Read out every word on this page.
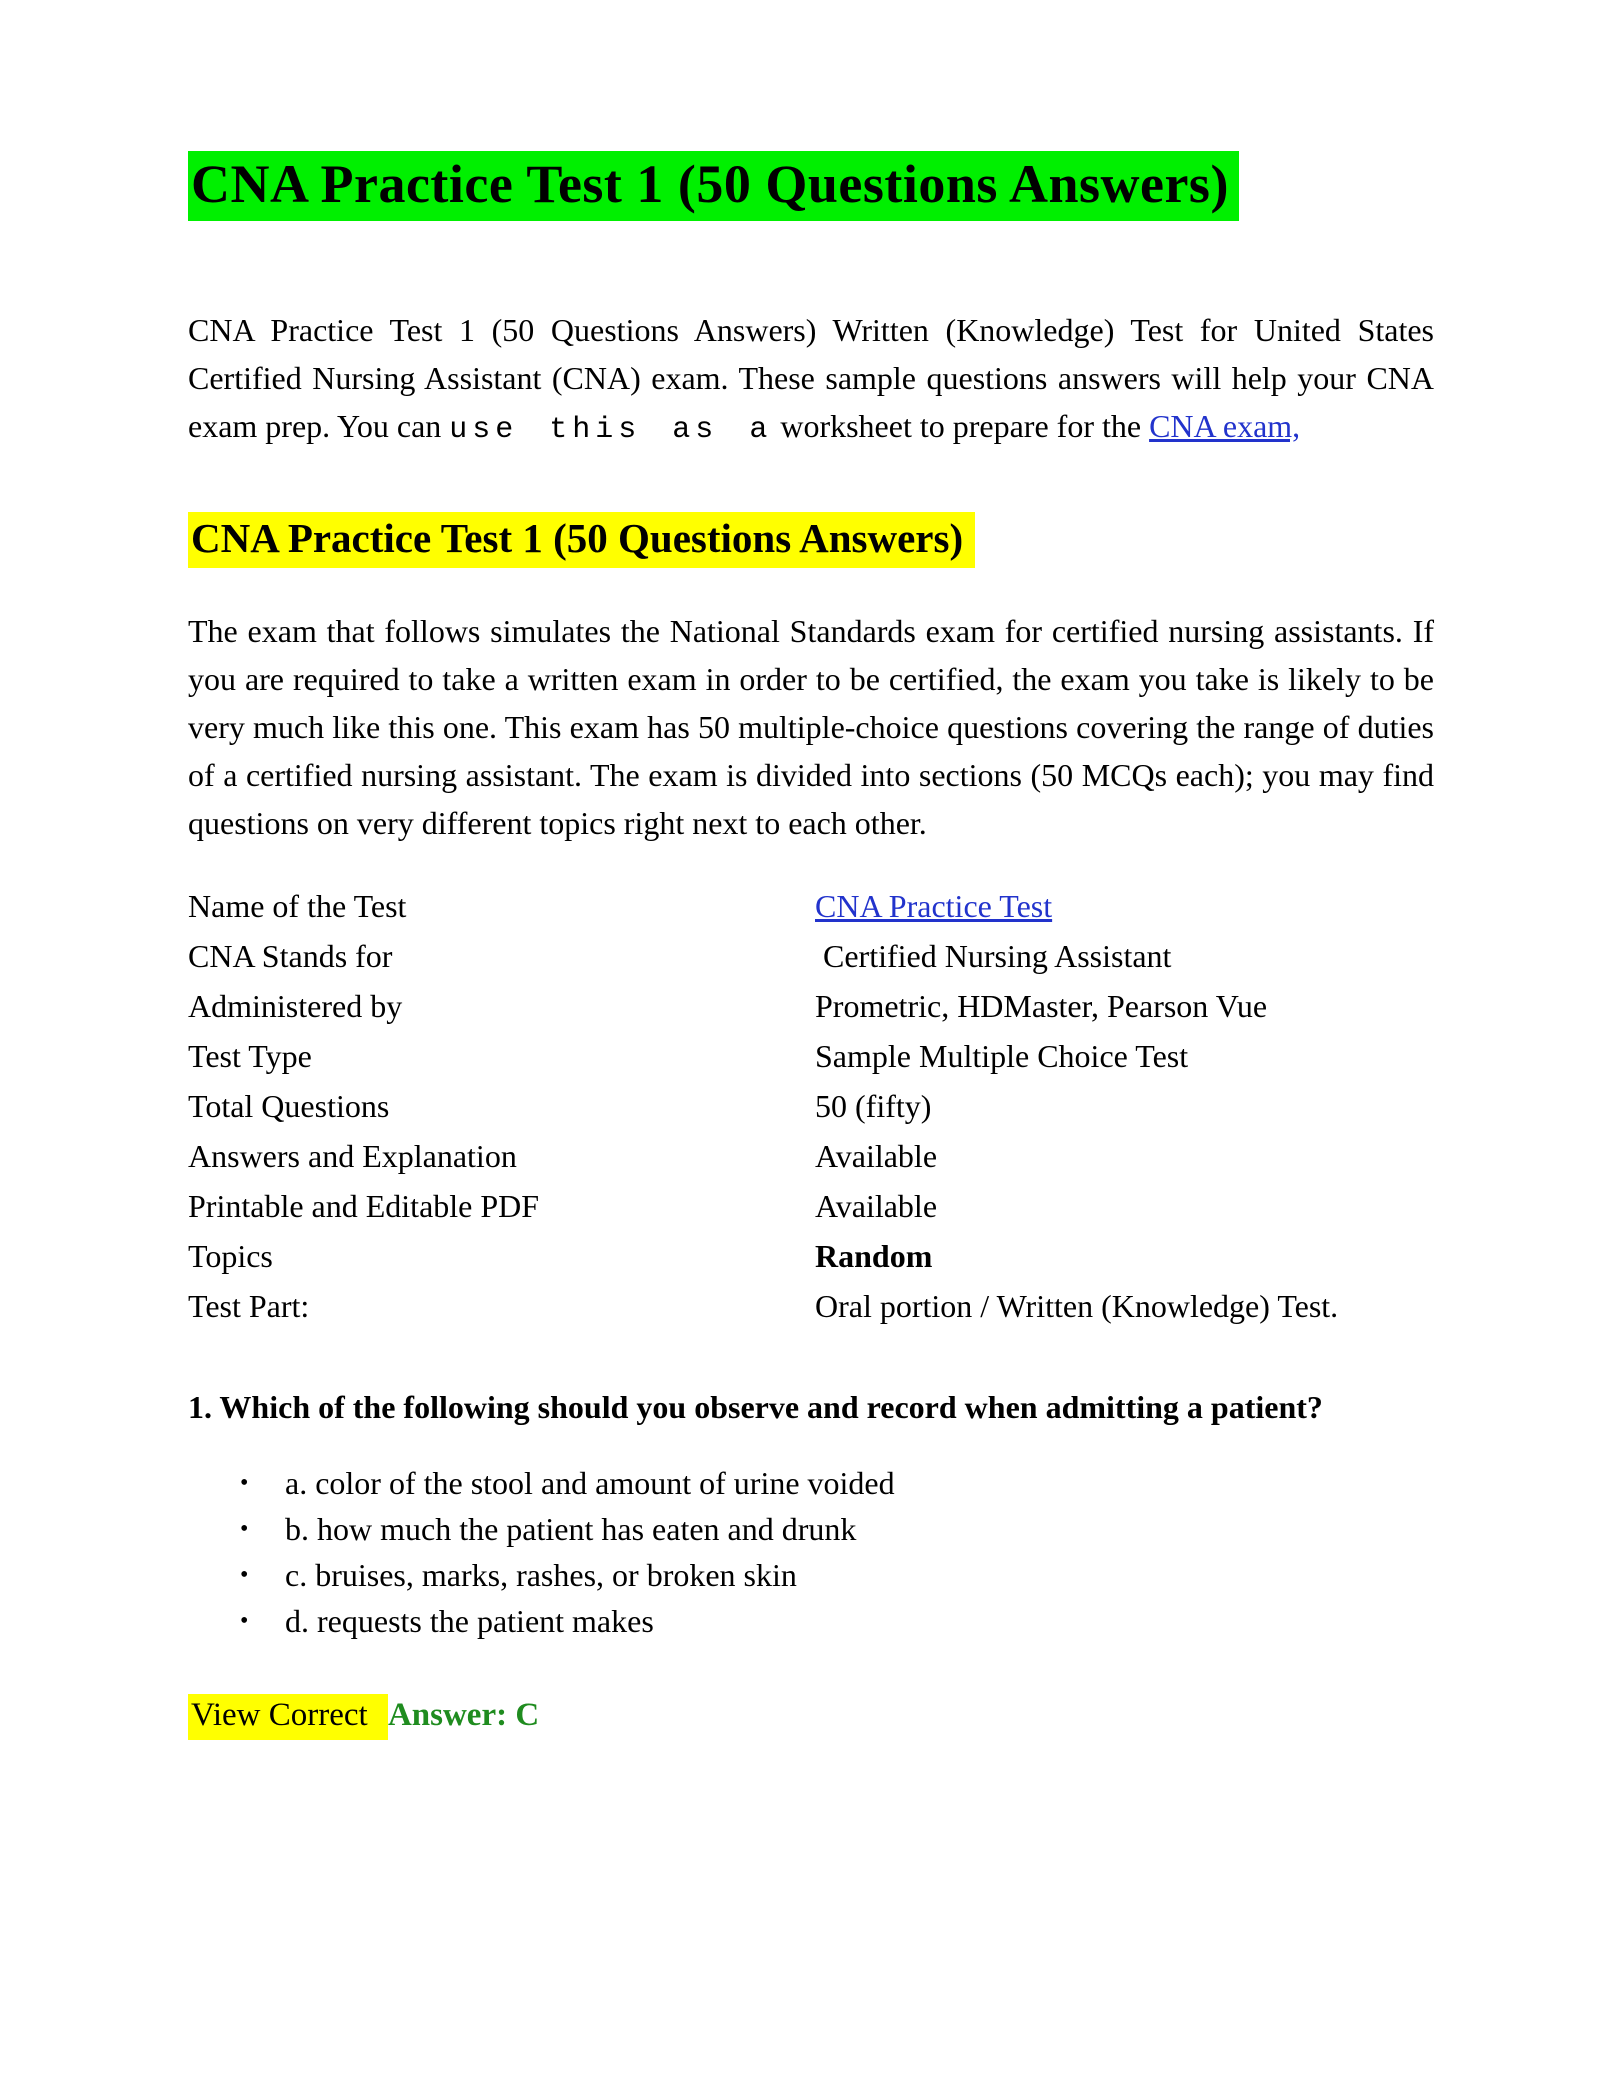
CNA Practice Test 1 (50 Questions Answers)

CNA Practice Test 1 (50 Questions Answers) Written (Knowledge) Test for United States Certified Nursing Assistant (CNA) exam. These sample questions answers will help your CNA exam prep. You can use this as a worksheet to prepare for the CNA exam,

CNA Practice Test 1 (50 Questions Answers)

The exam that follows simulates the National Standards exam for certified nursing assistants. If you are required to take a written exam in order to be certified, the exam you take is likely to be very much like this one. This exam has 50 multiple-choice questions covering the range of duties of a certified nursing assistant. The exam is divided into sections (50 MCQs each); you may find questions on very different topics right next to each other.

Name of the Test	CNA Practice Test
CNA Stands for	Certified Nursing Assistant
Administered by	Prometric, HDMaster, Pearson Vue
Test Type	Sample Multiple Choice Test
Total Questions	50 (fifty)
Answers and Explanation	Available
Printable and Editable PDF	Available
Topics	Random
Test Part:	Oral portion / Written (Knowledge) Test.

1. Which of the following should you observe and record when admitting a patient?

•	a. color of the stool and amount of urine voided
•	b. how much the patient has eaten and drunk
•	c. bruises, marks, rashes, or broken skin
•	d. requests the patient makes

View Correct Answer: C
